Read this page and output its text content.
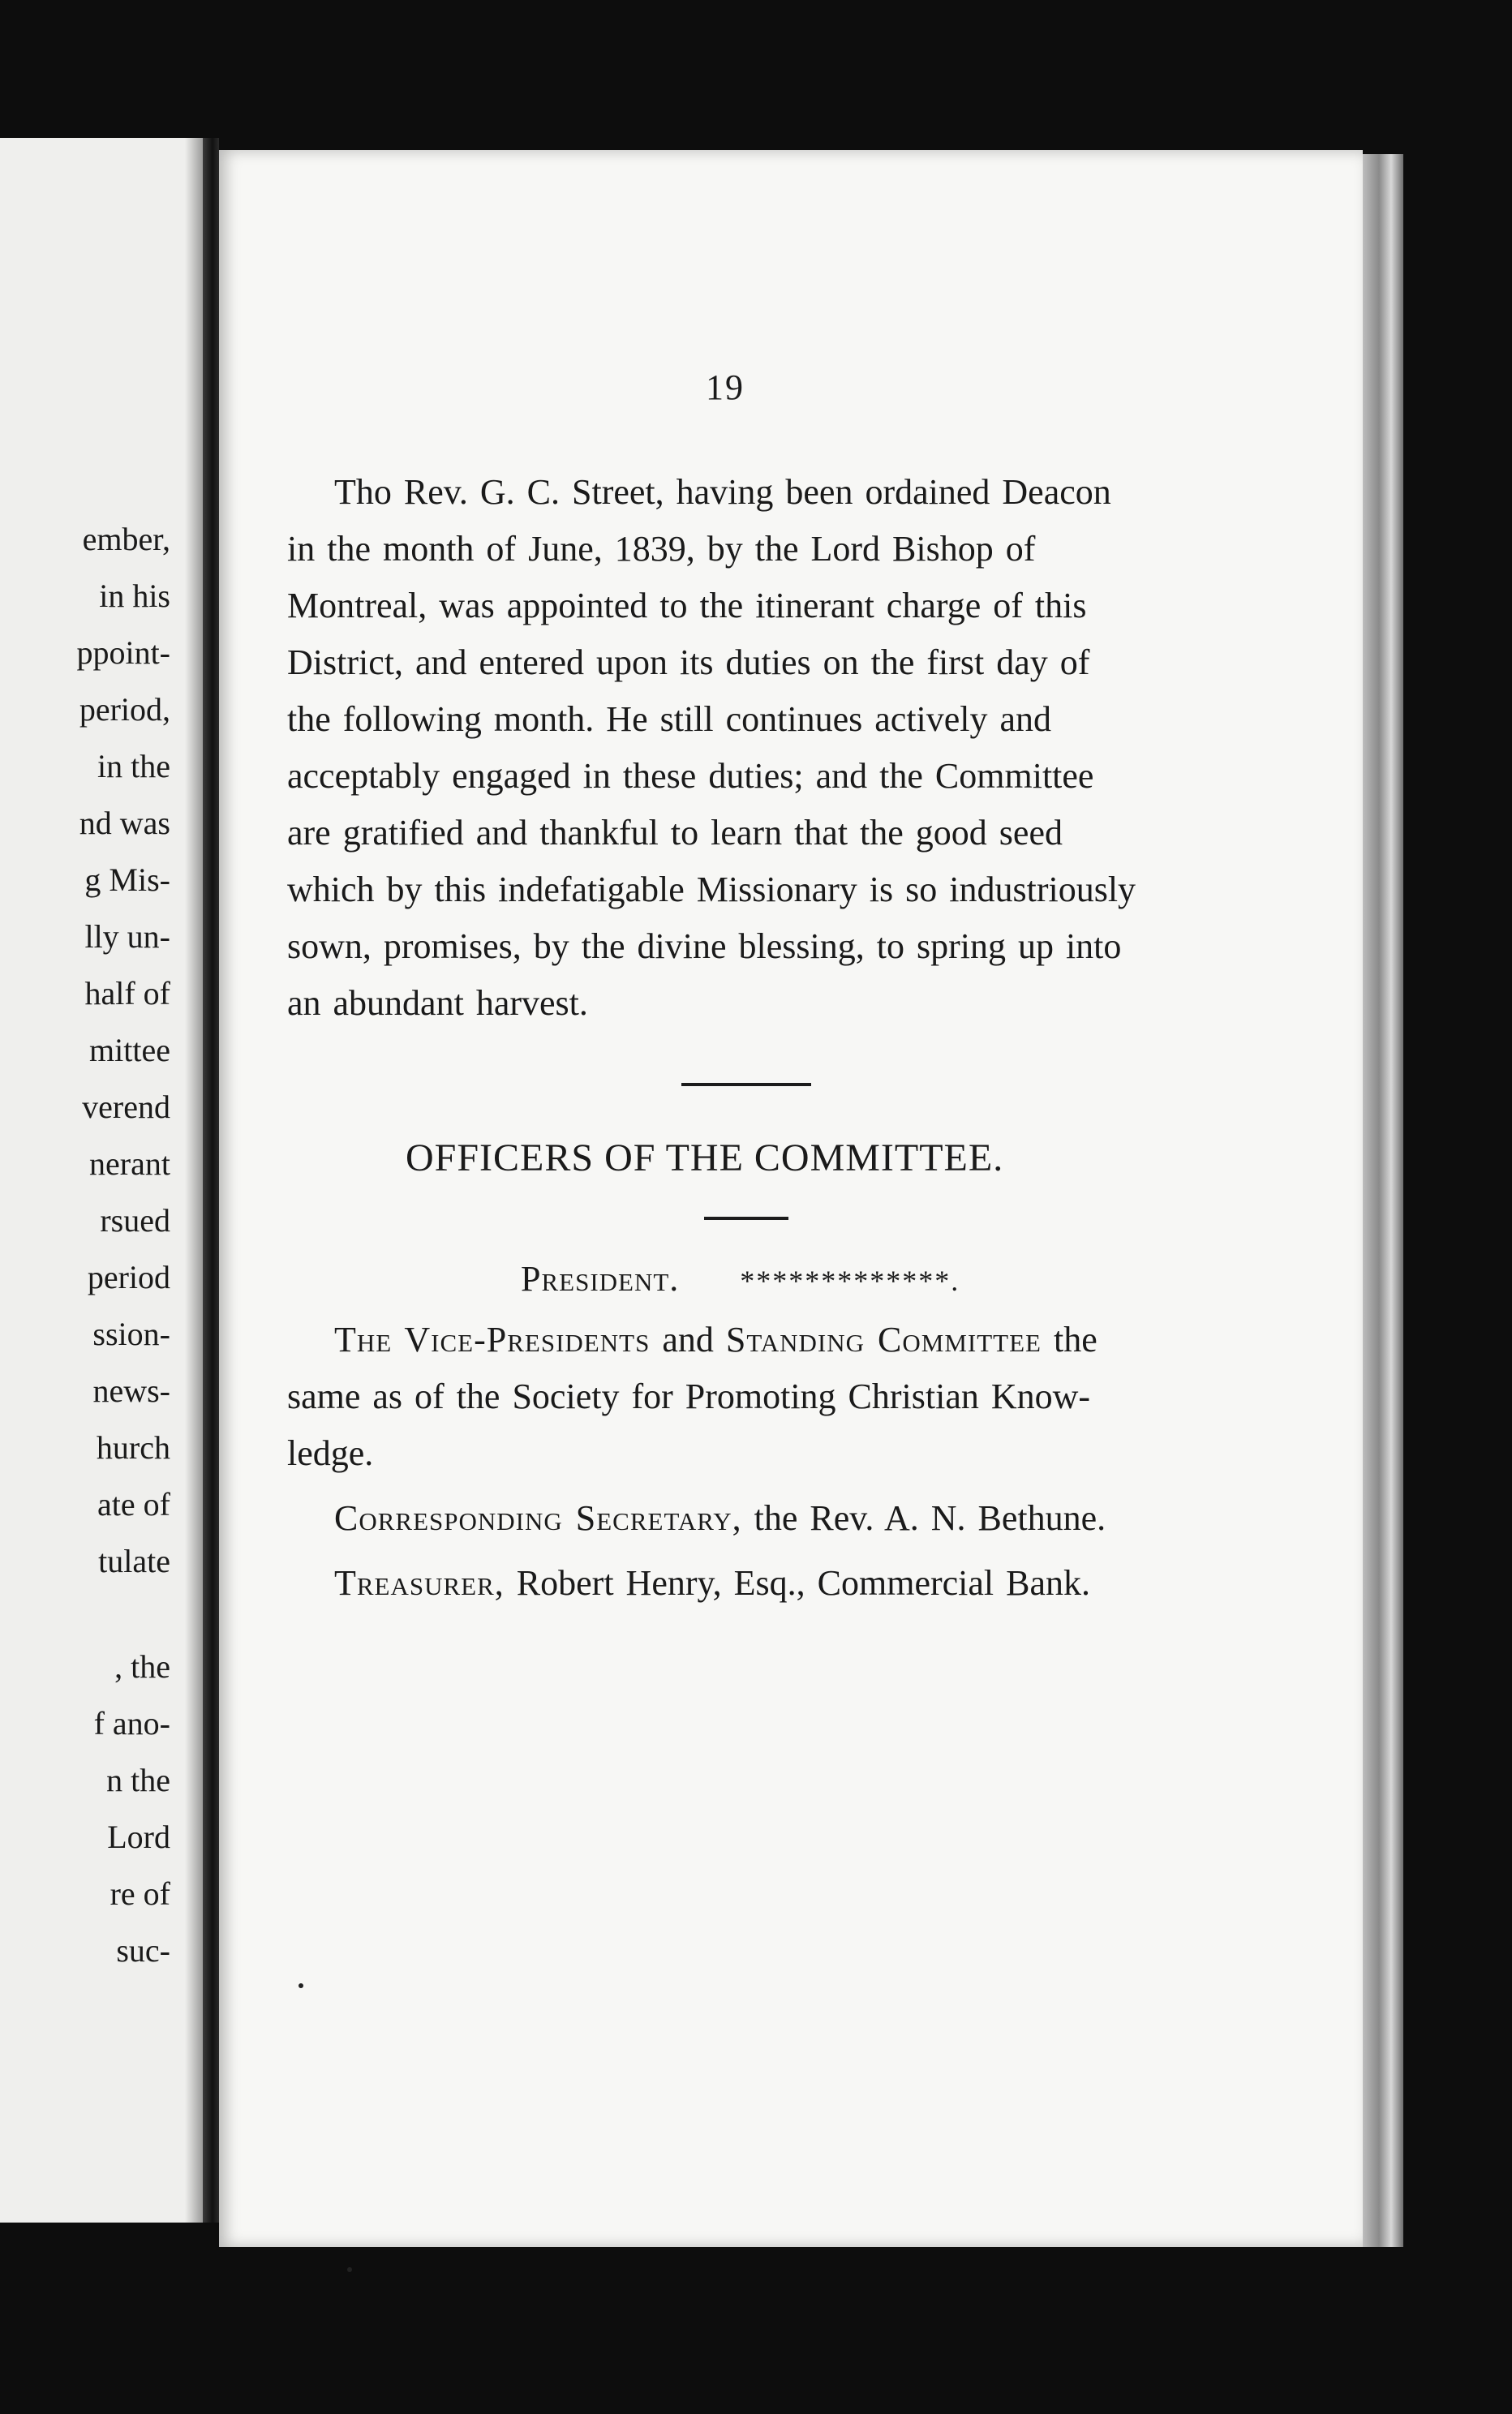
ember,
in his
ppoint-
period,
in the
nd was
g Mis-
lly un-
half of
mittee
verend
nerant
rsued
period
ssion-
news-
hurch
ate of
tulate
, the
f ano-
n the
Lord
re of
suc-
19
Tho Rev. G. C. Street, having been ordained Deacon
in the month of June, 1839, by the Lord Bishop of
Montreal, was appointed to the itinerant charge of this
District, and entered upon its duties on the first day of
the following month. He still continues actively and
acceptably engaged in these duties; and the Committee
are gratified and thankful to learn that the good seed
which by this indefatigable Missionary is so industriously
sown, promises, by the divine blessing, to spring up into
an abundant harvest.
OFFICERS OF THE COMMITTEE.
President. *************.
The Vice-Presidents and Standing Committee the
same as of the Society for Promoting Christian Know-
ledge.
Corresponding Secretary, the Rev. A. N. Bethune.
Treasurer, Robert Henry, Esq., Commercial Bank.
